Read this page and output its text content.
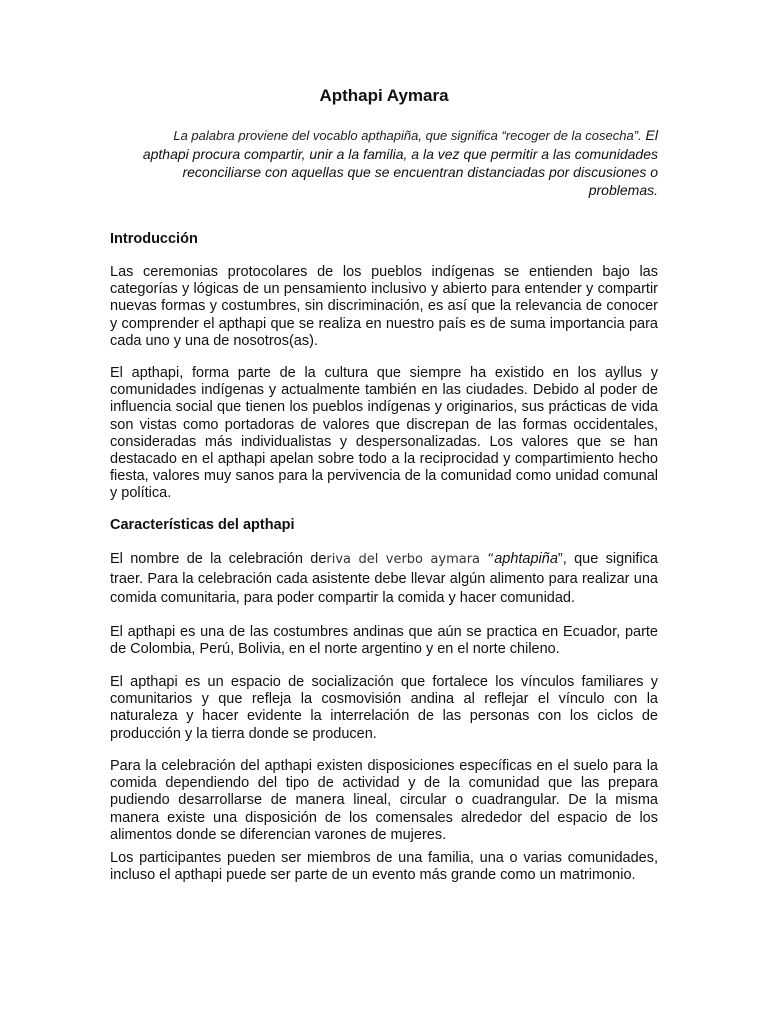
Apthapi Aymara
La palabra proviene del vocablo apthapiña, que significa “recoger de la cosecha”. El apthapi procura compartir, unir a la familia, a la vez que permitir a las comunidades reconciliarse con aquellas que se encuentran distanciadas por discusiones o problemas.
Introducción
Las ceremonias protocolares de los pueblos indígenas se entienden bajo las categorías y lógicas de un pensamiento inclusivo y abierto para entender y compartir nuevas formas y costumbres, sin discriminación, es así que la relevancia de conocer y comprender el apthapi que se realiza en nuestro país es de suma importancia para cada uno y una de nosotros(as).
El apthapi, forma parte de la cultura que siempre ha existido en los ayllus y comunidades indígenas y actualmente también en las ciudades. Debido al poder de influencia social que tienen los pueblos indígenas y originarios, sus prácticas de vida son vistas como portadoras de valores que discrepan de las formas occidentales, consideradas más individualistas y despersonalizadas. Los valores que se han destacado en el apthapi apelan sobre todo a la reciprocidad y compartimiento hecho fiesta, valores muy sanos para la pervivencia de la comunidad como unidad comunal y política.
Características del apthapi
El nombre de la celebración deriva del verbo aymara “aphtapiña”, que significa traer. Para la celebración cada asistente debe llevar algún alimento para realizar una comida comunitaria, para poder compartir la comida y hacer comunidad.
El apthapi es una de las costumbres andinas que aún se practica en Ecuador, parte de Colombia, Perú, Bolivia, en el norte argentino y en el norte chileno.
El apthapi es un espacio de socialización que fortalece los vínculos familiares y comunitarios y que refleja la cosmovisión andina al reflejar el vínculo con la naturaleza y hacer evidente la interrelación de las personas con los ciclos de producción y la tierra donde se producen.
Para la celebración del apthapi existen disposiciones específicas en el suelo para la comida dependiendo del tipo de actividad y de la comunidad que las prepara pudiendo desarrollarse de manera lineal, circular o cuadrangular. De la misma manera existe una disposición de los comensales alrededor del espacio de los alimentos donde se diferencian varones de mujeres.
Los participantes pueden ser miembros de una familia, una o varias comunidades, incluso el apthapi puede ser parte de un evento más grande como un matrimonio.
